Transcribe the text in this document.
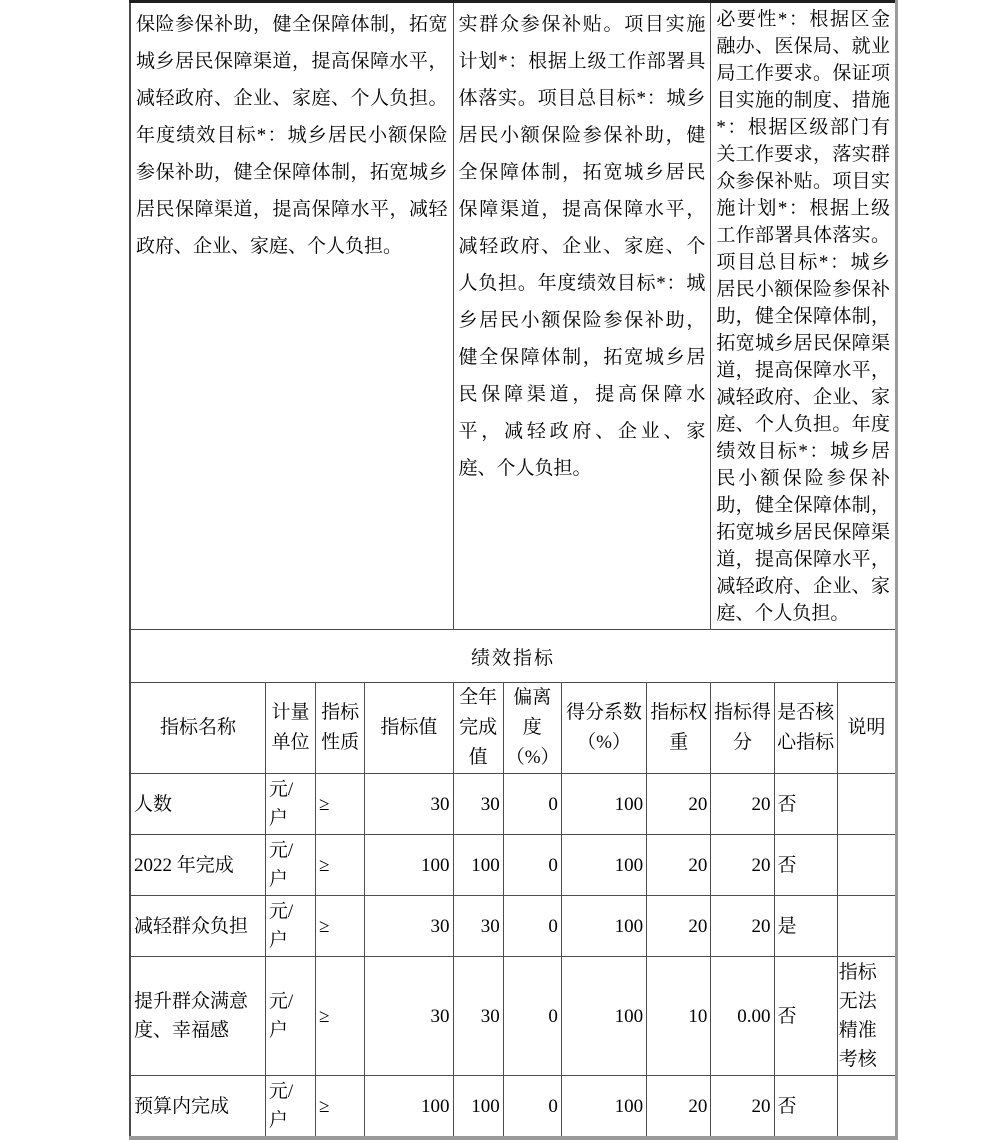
保险参保补助，健全保障体制，拓宽城乡居民保障渠道，提高保障水平，减轻政府、企业、家庭、个人负担。年度绩效目标*：城乡居民小额保险参保补助，健全保障体制，拓宽城乡居民保障渠道，提高保障水平，减轻政府、企业、家庭、个人负担。				实群众参保补贴。项目实施计划*：根据上级工作部署具体落实。项目总目标*：城乡居民小额保险参保补助，健全保障体制，拓宽城乡居民保障渠道，提高保障水平，减轻政府、企业、家庭、个人负担。年度绩效目标*：城乡居民小额保险参保补助，健全保障体制，拓宽城乡居民保障渠道，提高保障水平，减轻政府、企业、家庭、个人负担。				必要性*：根据区金融办、医保局、就业局工作要求。保证项目实施的制度、措施*：根据区级部门有关工作要求，落实群众参保补贴。项目实施计划*：根据上级工作部署具体落实。项目总目标*：城乡居民小额保险参保补助，健全保障体制，拓宽城乡居民保障渠道，提高保障水平，减轻政府、企业、家庭、个人负担。年度绩效目标*：城乡居民小额保险参保补助，健全保障体制，拓宽城乡居民保障渠道，提高保障水平，减轻政府、企业、家庭、个人负担。		
绩效指标										
指标名称	计量单位	指标性质	指标值	全年完成值	偏离度（%）	得分系数（%）	指标权重	指标得分	是否核心指标	说明
人数	元/户	≥	30	30	0	100	20	20	否	
2022 年完成	元/户	≥	100	100	0	100	20	20	否	
减轻群众负担	元/户	≥	30	30	0	100	20	20	是	
提升群众满意度、幸福感	元/户	≥	30	30	0	100	10	0.00	否	指标无法精准考核
预算内完成	元/户	≥	100	100	0	100	20	20	否	
